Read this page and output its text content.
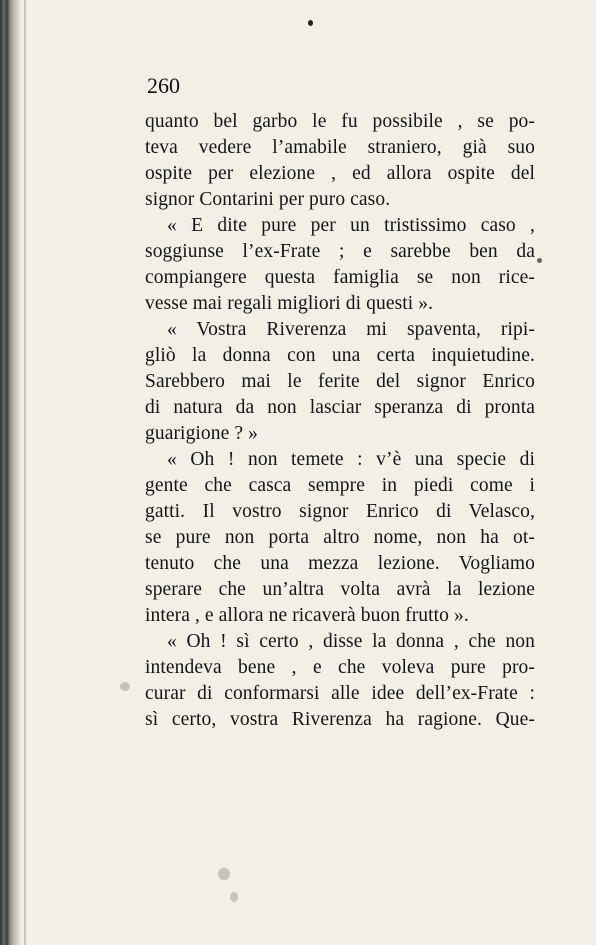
260
quanto bel garbo le fu possibile , se po-
teva vedere l’amabile straniero, già suo
ospite per elezione , ed allora ospite del
signor Contarini per puro caso.
« E dite pure per un tristissimo caso ,
soggiunse l’ex-Frate ; e sarebbe ben da
compiangere questa famiglia se non rice-
vesse mai regali migliori di questi ».
« Vostra Riverenza mi spaventa, ripi-
gliò la donna con una certa inquietudine.
Sarebbero mai le ferite del signor Enrico
di natura da non lasciar speranza di pronta
guarigione ? »
« Oh ! non temete : v’è una specie di
gente che casca sempre in piedi come i
gatti. Il vostro signor Enrico di Velasco,
se pure non porta altro nome, non ha ot-
tenuto che una mezza lezione. Vogliamo
sperare che un’altra volta avrà la lezione
intera , e allora ne ricaverà buon frutto ».
« Oh ! sì certo , disse la donna , che non
intendeva bene , e che voleva pure pro-
curar di conformarsi alle idee dell’ex-Frate :
sì certo, vostra Riverenza ha ragione. Que-
